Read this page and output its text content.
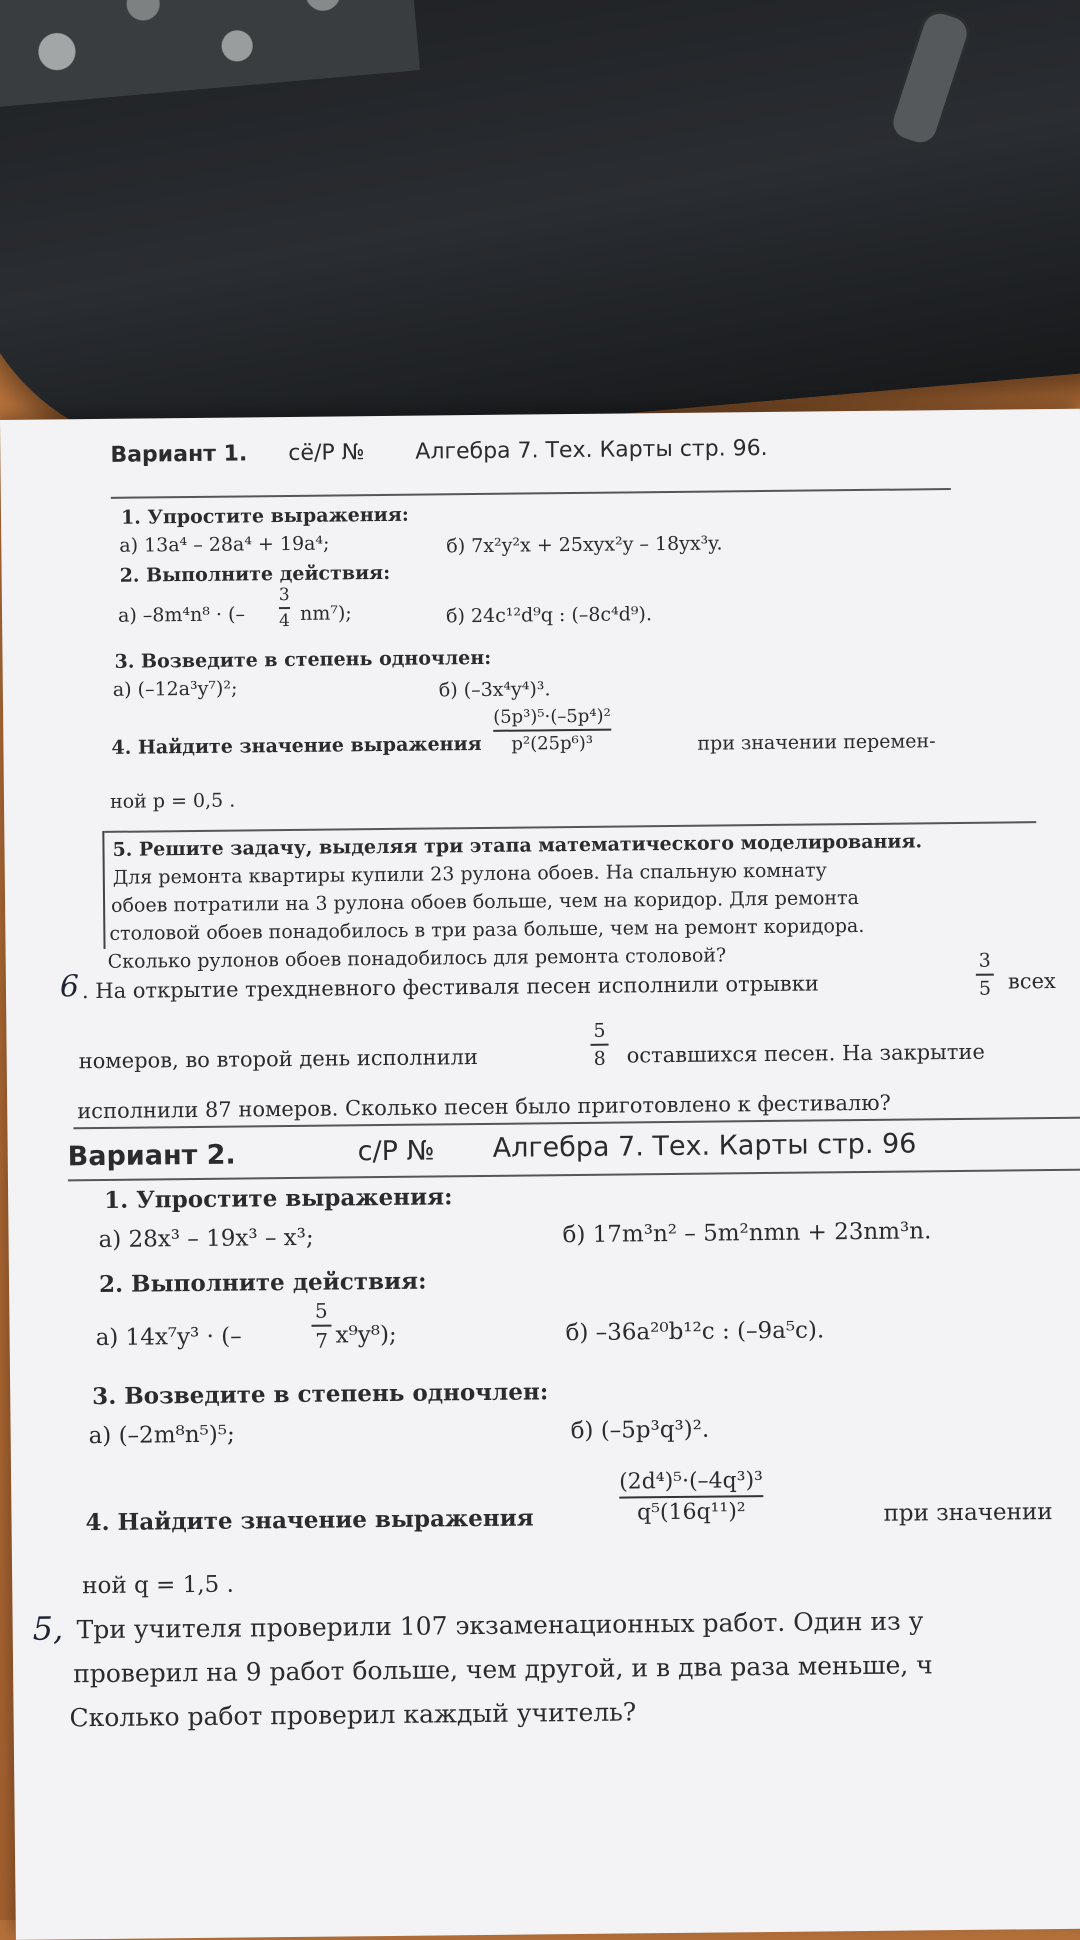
Вариант 1. сё/Р № Алгебра 7. Тех. Карты стр. 96.
1. Упростите выражения:
а) 13a⁴ – 28a⁴ + 19a⁴;	б) 7x²y²x + 25xyx²y – 18yx³y.
2. Выполните действия:
а) –8m⁴n⁸ · (–
3
4 nm⁷);	б) 24c¹²d⁹q : (–8c⁴d⁹).
3. Возведите в степень одночлен:
а) (–12a³y⁷)²;	б) (–3x⁴y⁴)³.
4. Найдите значение выражения
(5p³)⁵·(–5p⁴)²
p²(25p⁶)³	при значении перемен-
ной p = 0,5 .
5. Решите задачу, выделяя три этапа математического моделирования.
Для ремонта квартиры купили 23 рулона обоев. На спальную комнату
обоев потратили на 3 рулона обоев больше, чем на коридор. Для ремонта
столовой обоев понадобилось в три раза больше, чем на ремонт коридора.
Сколько рулонов обоев понадобилось для ремонта столовой?
6 . На открытие трехдневного фестиваля песен исполнили отрывки
3
5 всех
номеров, во второй день исполнили
5
8 оставшихся песен. На закрытие
исполнили 87 номеров. Сколько песен было приготовлено к фестивалю?
Вариант 2.	с/Р № Алгебра 7. Тех. Карты стр. 96
1. Упростите выражения:
а) 28x³ – 19x³ – x³;	б) 17m³n² – 5m²nmn + 23nm³n.
2. Выполните действия:
а) 14x⁷y³ · (–
5
7 x⁹y⁸);	б) –36a²⁰b¹²c : (–9a⁵c).
3. Возведите в степень одночлен:
а) (–2m⁸n⁵)⁵;	б) (–5p³q³)².
4. Найдите значение выражения
(2d⁴)⁵·(–4q³)³
q⁵(16q¹¹)²	при значении
ной q = 1,5 .
5, Три учителя проверили 107 экзаменационных работ. Один из у
проверил на 9 работ больше, чем другой, и в два раза меньше, ч
Сколько работ проверил каждый учитель?
